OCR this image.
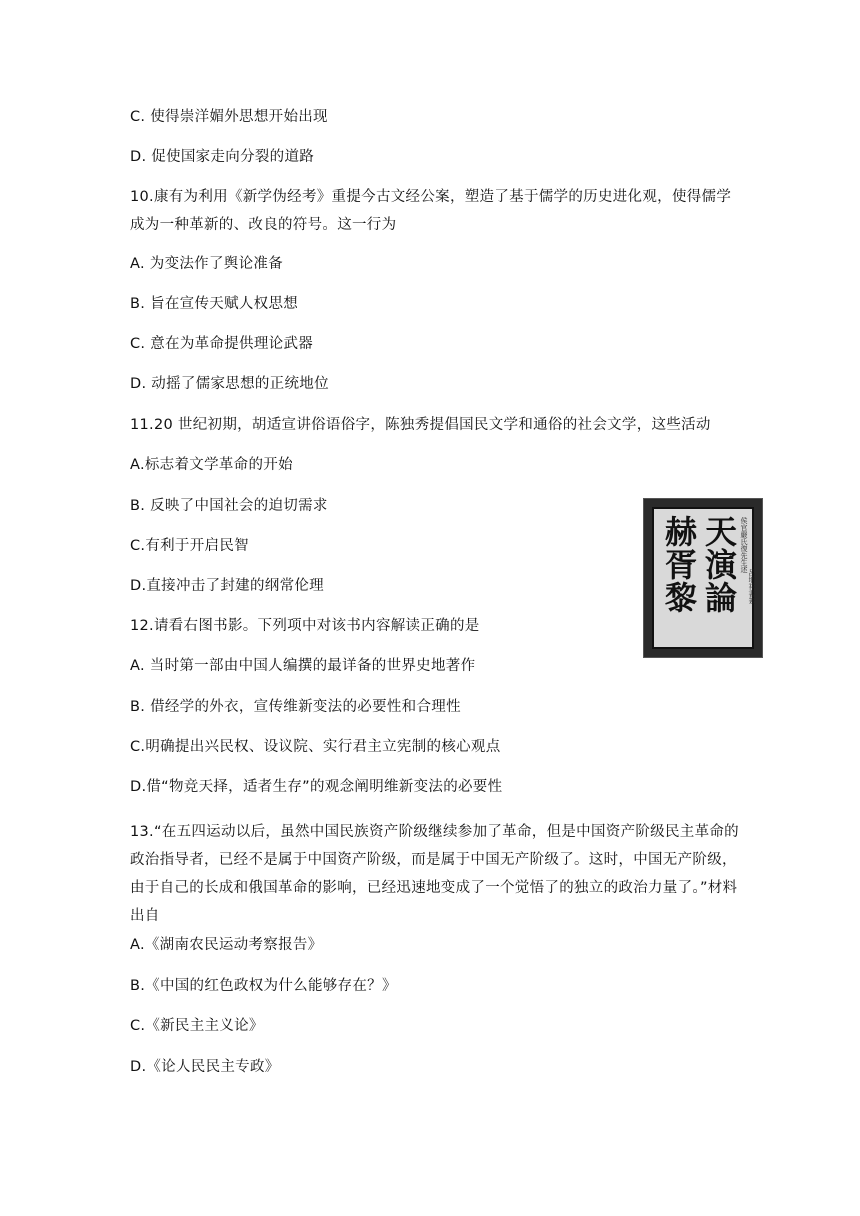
C. 使得崇洋媚外思想开始出现
D. 促使国家走向分裂的道路
10.康有为利用《新学伪经考》重提今古文经公案，塑造了基于儒学的历史进化观，使得儒学成为一种革新的、改良的符号。这一行为
A. 为变法作了舆论准备
B. 旨在宣传天赋人权思想
C. 意在为革命提供理论武器
D. 动摇了儒家思想的正统地位
11.20 世纪初期，胡适宣讲俗语俗字，陈独秀提倡国民文学和通俗的社会文学，这些活动
A.标志着文学革命的开始
B. 反映了中国社会的迫切需求
C.有利于开启民智
D.直接冲击了封建的纲常伦理
12.请看右图书影。下列项中对该书内容解读正确的是
A. 当时第一部由中国人编撰的最详备的世界史地著作
B. 借经学的外衣，宣传维新变法的必要性和合理性
C.明确提出兴民权、设议院、实行君主立宪制的核心观点
D.借“物竞天择，适者生存”的观念阐明维新变法的必要性
侯官嚴氏復先生述
天演論
赫胥黎	呂增祥書簽
13.“在五四运动以后，虽然中国民族资产阶级继续参加了革命，但是中国资产阶级民主革命的政治指导者，已经不是属于中国资产阶级，而是属于中国无产阶级了。这时，中国无产阶级，由于自己的长成和俄国革命的影响，已经迅速地变成了一个觉悟了的独立的政治力量了。”材料出自
A.《湖南农民运动考察报告》
B.《中国的红色政权为什么能够存在？》
C.《新民主主义论》
D.《论人民民主专政》
